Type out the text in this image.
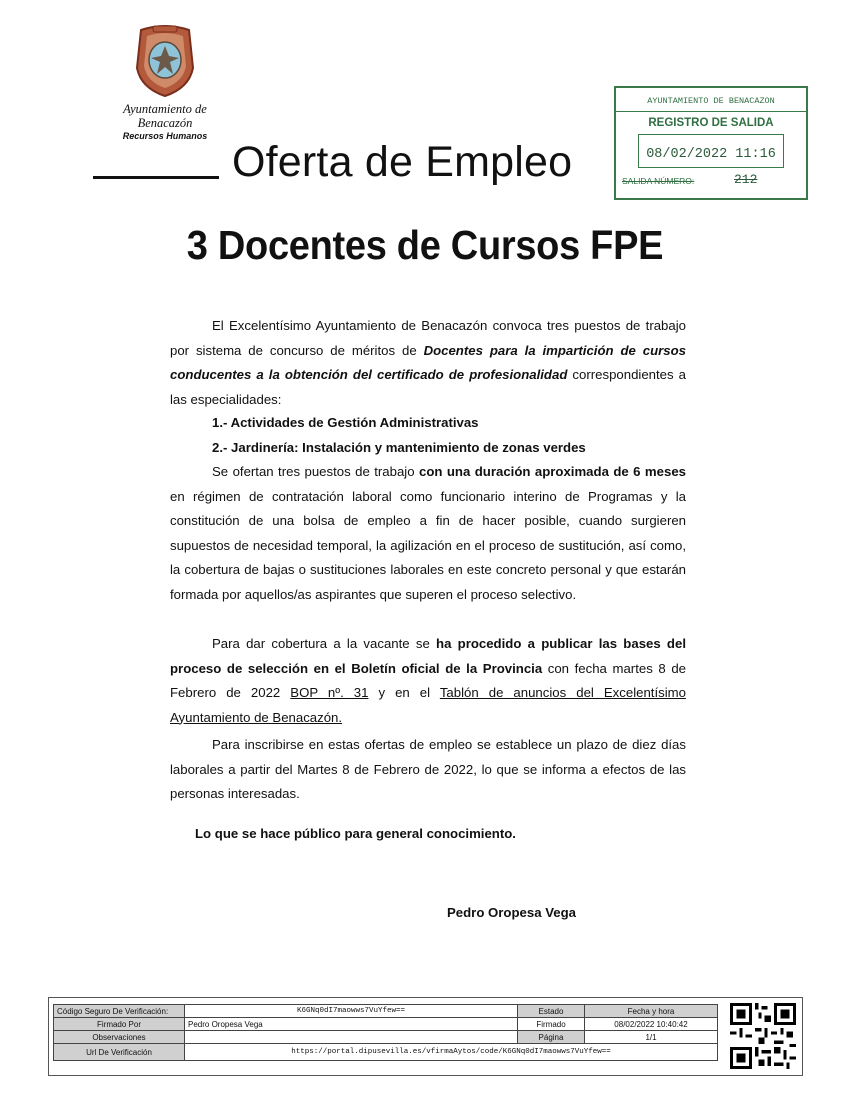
Ayuntamiento de
Benacazón
Recursos Humanos
Oferta de Empleo
AYUNTAMIENTO DE BENACAZON
REGISTRO DE SALIDA
08/02/2022 11:16
SALIDA NÚMERO:	212
3 Docentes de Cursos FPE
El Excelentísimo Ayuntamiento de Benacazón convoca tres puestos de trabajo por sistema de concurso de méritos de Docentes para la impartición de cursos conducentes a la obtención del certificado de profesionalidad correspondientes a las especialidades:
1.- Actividades de Gestión Administrativas
2.- Jardinería: Instalación y mantenimiento de zonas verdes
Se ofertan tres puestos de trabajo con una duración aproximada de 6 meses en régimen de contratación laboral como funcionario interino de Programas y la constitución de una bolsa de empleo a fin de hacer posible, cuando surgieren supuestos de necesidad temporal, la agilización en el proceso de sustitución, así como, la cobertura de bajas o sustituciones laborales en este concreto personal y que estarán formada por aquellos/as aspirantes que superen el proceso selectivo.
Para dar cobertura a la vacante se ha procedido a publicar las bases del proceso de selección en el Boletín oficial de la Provincia con fecha martes 8 de Febrero de 2022 BOP nº. 31 y en el Tablón de anuncios del Excelentísimo Ayuntamiento de Benacazón.
Para inscribirse en estas ofertas de empleo se establece un plazo de diez días laborales a partir del Martes 8 de Febrero de 2022, lo que se informa a efectos de las personas interesadas.
Lo que se hace público para general conocimiento.
Pedro Oropesa Vega
Código Seguro De Verificación:	K6GNq0dI7maowws7VuYfew==	Estado	Fecha y hora
Firmado Por	Pedro Oropesa Vega	Firmado	08/02/2022 10:40:42
Observaciones		Página	1/1
Url De Verificación	https://portal.dipusevilla.es/vfirmaAytos/code/K6GNq0dI7maowws7VuYfew==		
